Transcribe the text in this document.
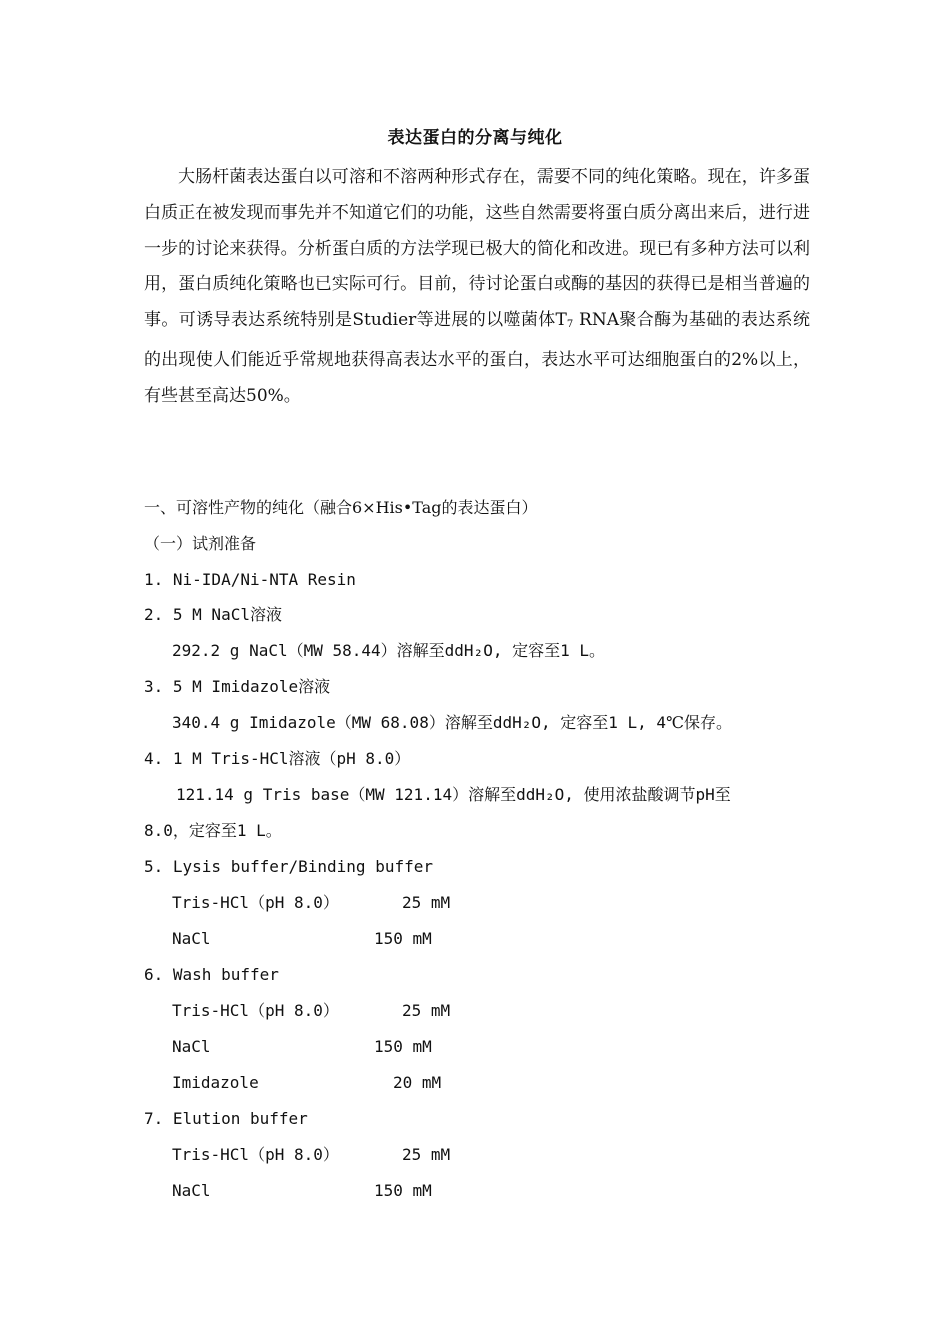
表达蛋白的分离与纯化

大肠杆菌表达蛋白以可溶和不溶两种形式存在，需要不同的纯化策略。现在，许多蛋白质正在被发现而事先并不知道它们的功能，这些自然需要将蛋白质分离出来后，进行进一步的讨论来获得。分析蛋白质的方法学现已极大的简化和改进。现已有多种方法可以利用，蛋白质纯化策略也已实际可行。目前，待讨论蛋白或酶的基因的获得已是相当普遍的事。可诱导表达系统特别是Studier等进展的以噬菌体$T_7$ RNA聚合酶为基础的表达系统的出现使人们能近乎常规地获得高表达水平的蛋白，表达水平可达细胞蛋白的2%以上，有些甚至高达50%。

一、可溶性产物的纯化（融合6×His•Tag的表达蛋白）
（一）试剂准备
1. Ni-IDA/Ni-NTA Resin
2. 5 M NaCl溶液
292.2 g NaCl（MW 58.44）溶解至ddH₂O, 定容至1 L。
3. 5 M Imidazole溶液
340.4 g Imidazole（MW 68.08）溶解至ddH₂O, 定容至1 L, 4℃保存。
4. 1 M Tris-HCl溶液（pH 8.0）
121.14 g Tris base（MW 121.14）溶解至ddH₂O, 使用浓盐酸调节pH至
8.0，定容至1 L。
5. Lysis buffer/Binding buffer
Tris-HCl（pH 8.0）	25 mM
NaCl	150 mM
6. Wash buffer
Tris-HCl（pH 8.0）	25 mM
NaCl	150 mM
Imidazole	20 mM
7. Elution buffer
Tris-HCl（pH 8.0）	25 mM
NaCl	150 mM
